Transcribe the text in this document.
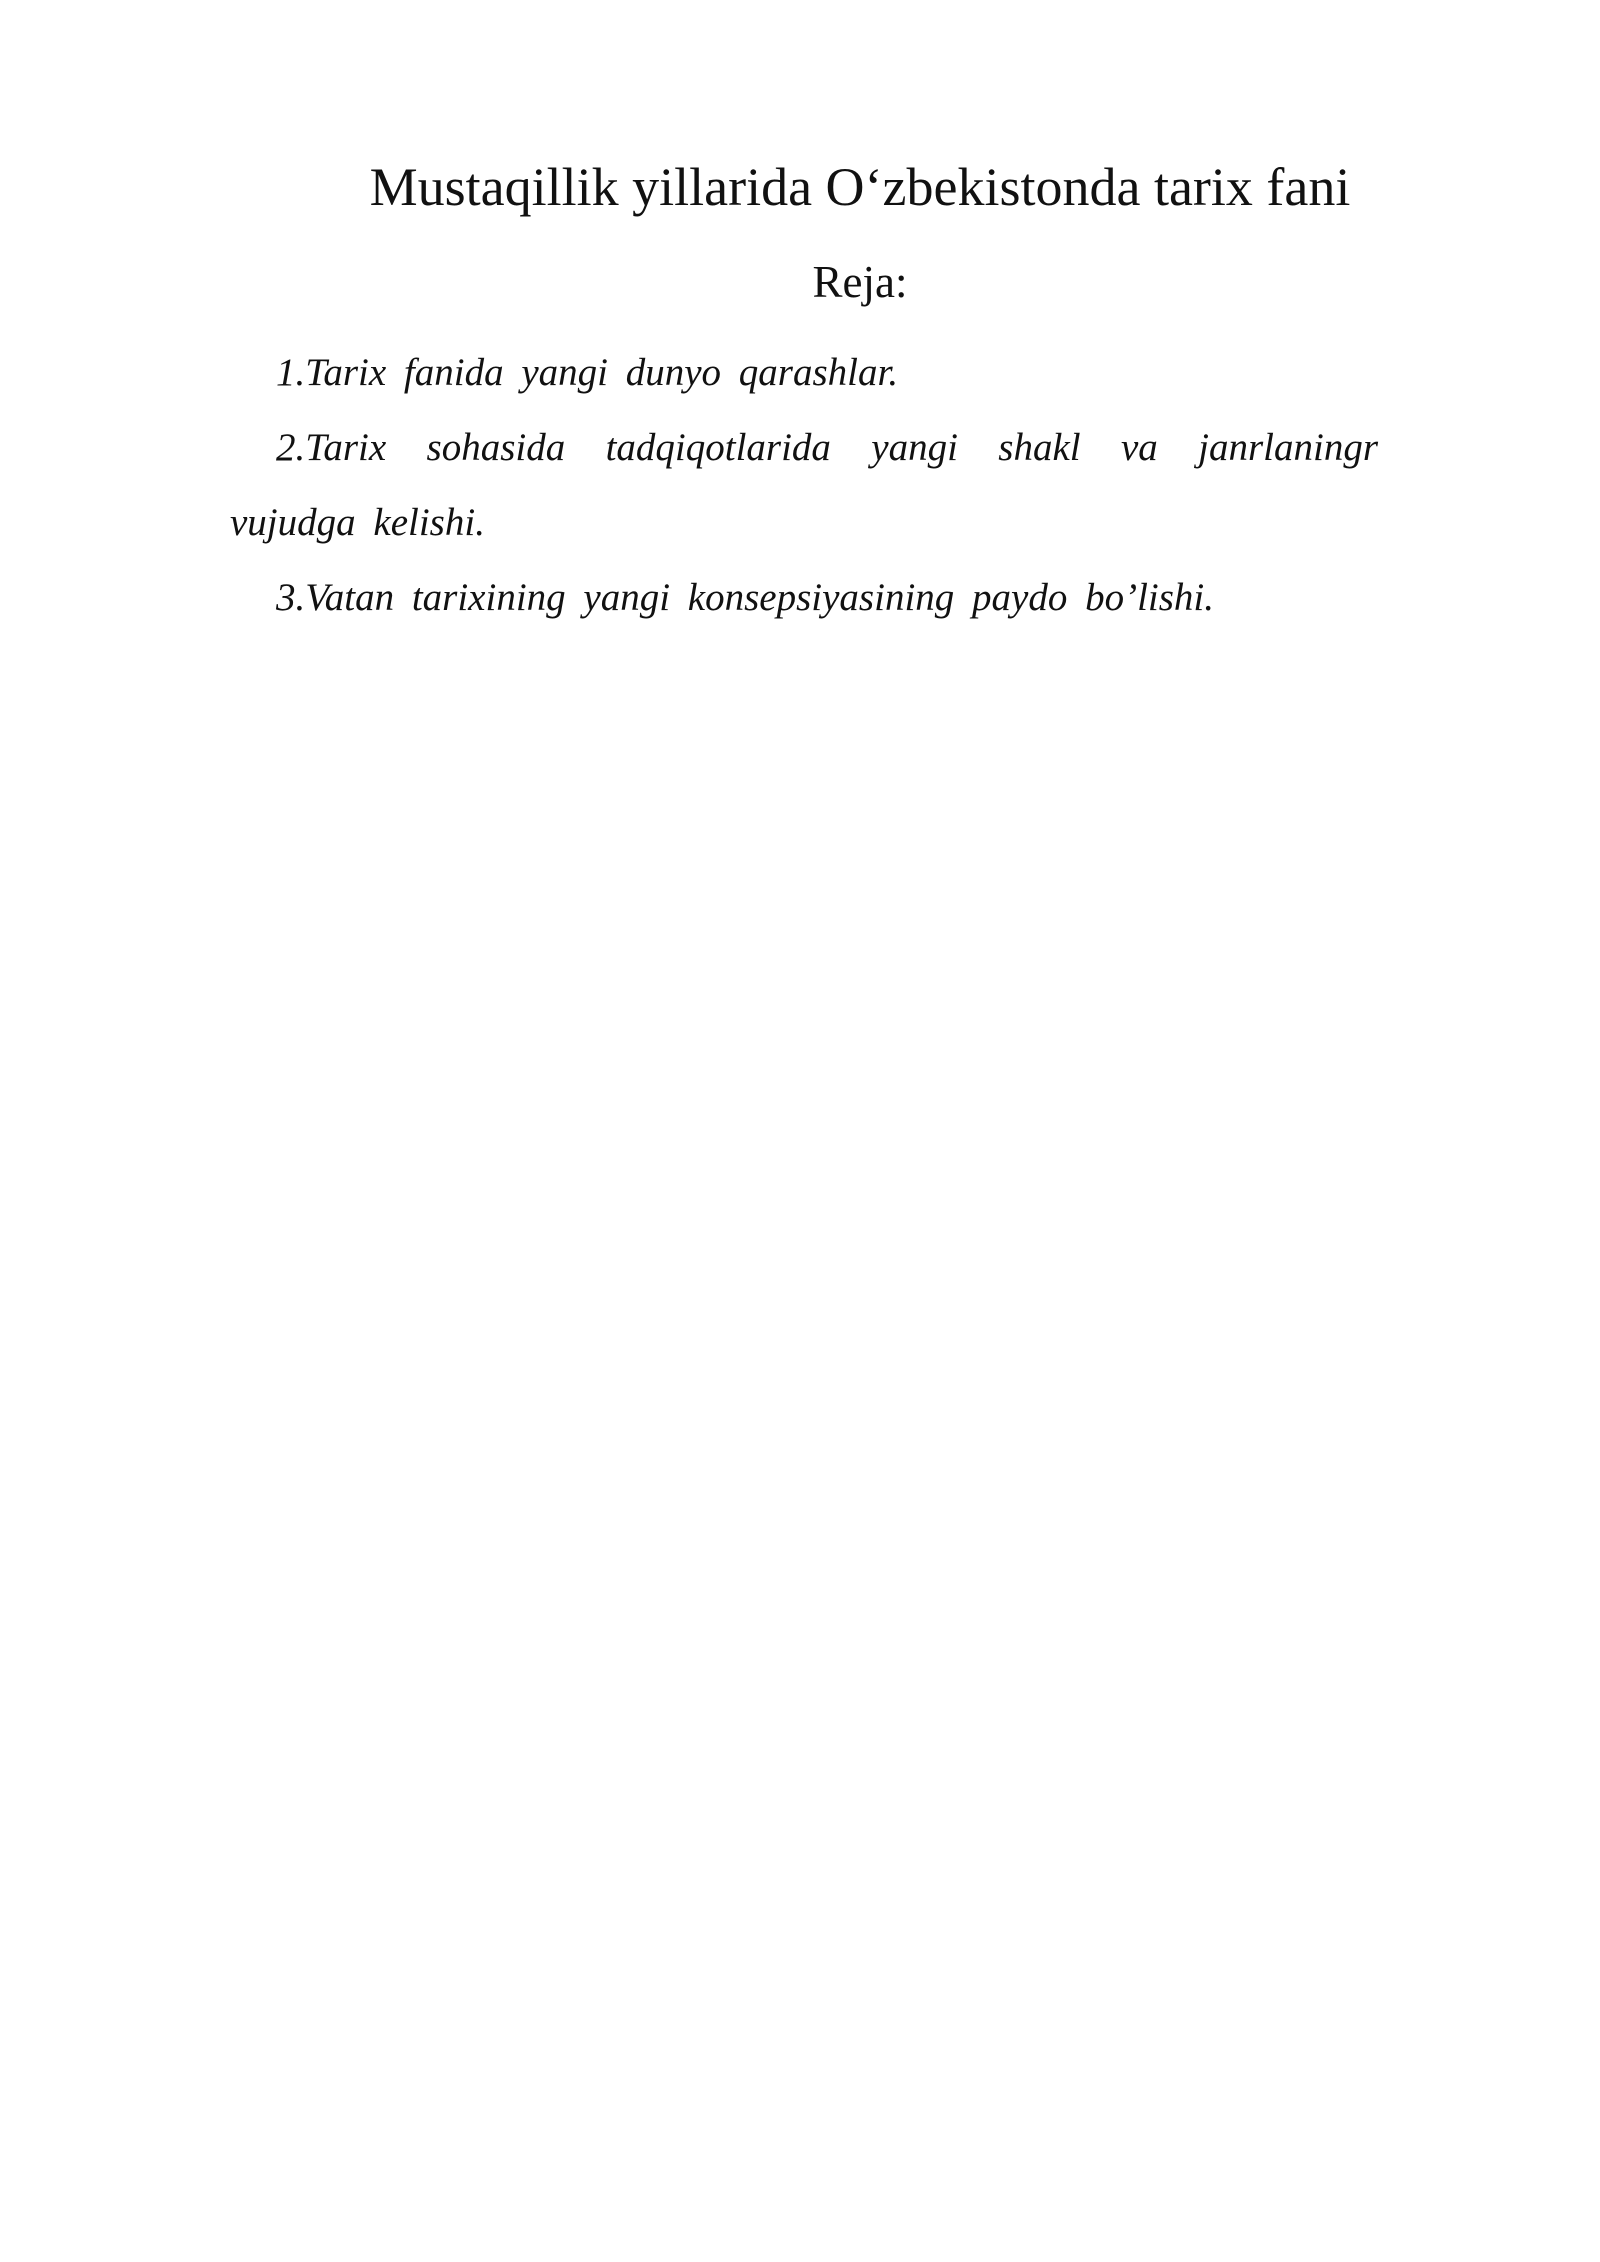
Mustaqillik yillarida O‘zbekistonda tarix fani
Reja:
1.Tarix fanida yangi dunyo qarashlar.
2.Tarix sohasida tadqiqotlarida yangi shakl va janrlaningr vujudga kelishi.
3.Vatan tarixining yangi konsepsiyasining paydo bo’lishi.
